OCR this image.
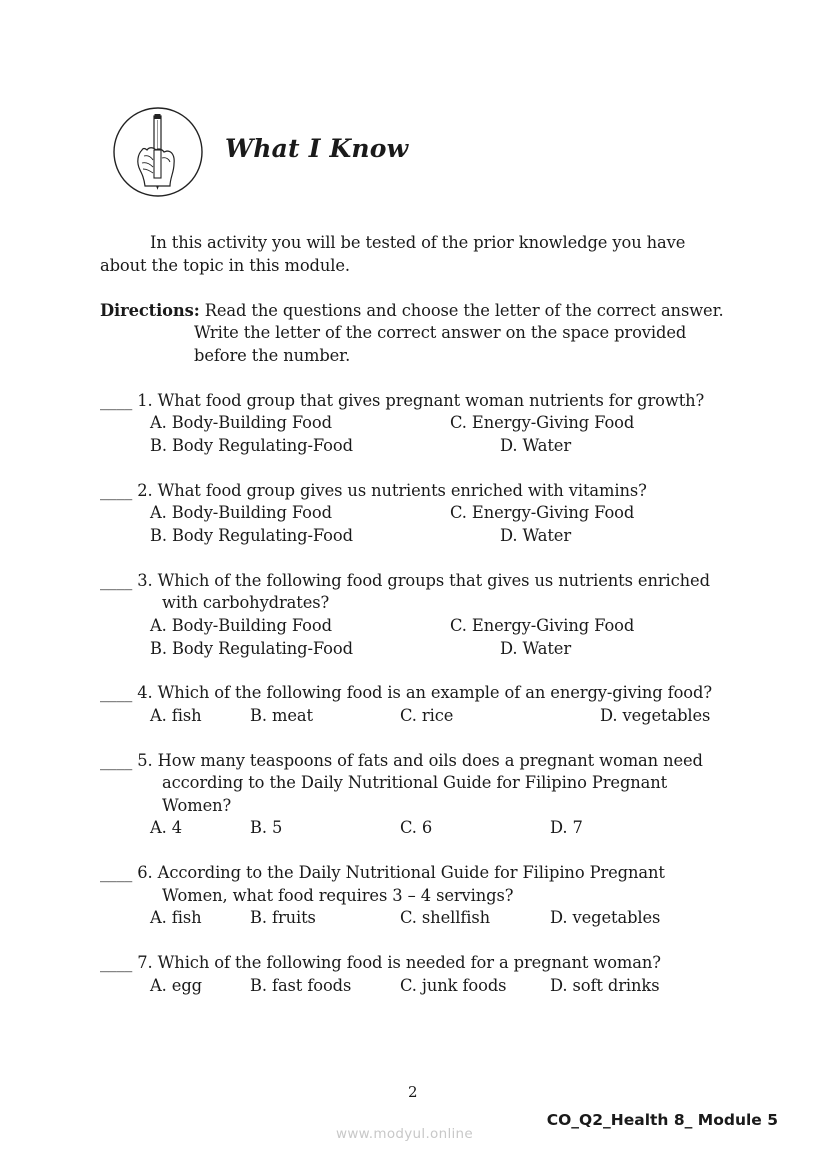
What I Know
In this activity you will be tested of the prior knowledge you have
about the topic in this module.
Directions: Read the questions and choose the letter of the correct answer.
Write the letter of the correct answer on the space provided
before the number.
____ 1. What food group that gives pregnant woman nutrients for growth?
A. Body-Building Food
B. Body Regulating-Food
C. Energy-Giving Food
D. Water
____ 2. What food group gives us nutrients enriched with vitamins?
A. Body-Building Food
B. Body Regulating-Food
C. Energy-Giving Food
D. Water
____ 3. Which of the following food groups that gives us nutrients enriched
with carbohydrates?
A. Body-Building Food
B. Body Regulating-Food
C. Energy-Giving Food
D. Water
____ 4. Which of the following food is an example of an energy-giving food?
A. fish	B. meat	C. rice	D. vegetables
____ 5. How many teaspoons of fats and oils does a pregnant woman need
according to the Daily Nutritional Guide for Filipino Pregnant
Women?
A. 4	B. 5	C. 6	D. 7
____ 6. According to the Daily Nutritional Guide for Filipino Pregnant
Women, what food requires 3 – 4 servings?
A. fish	B. fruits	C. shellfish	D. vegetables
____ 7. Which of the following food is needed for a pregnant woman?
A. egg	B. fast foods	C. junk foods	D. soft drinks
2
CO_Q2_Health 8_ Module 5
www.modyul.online
